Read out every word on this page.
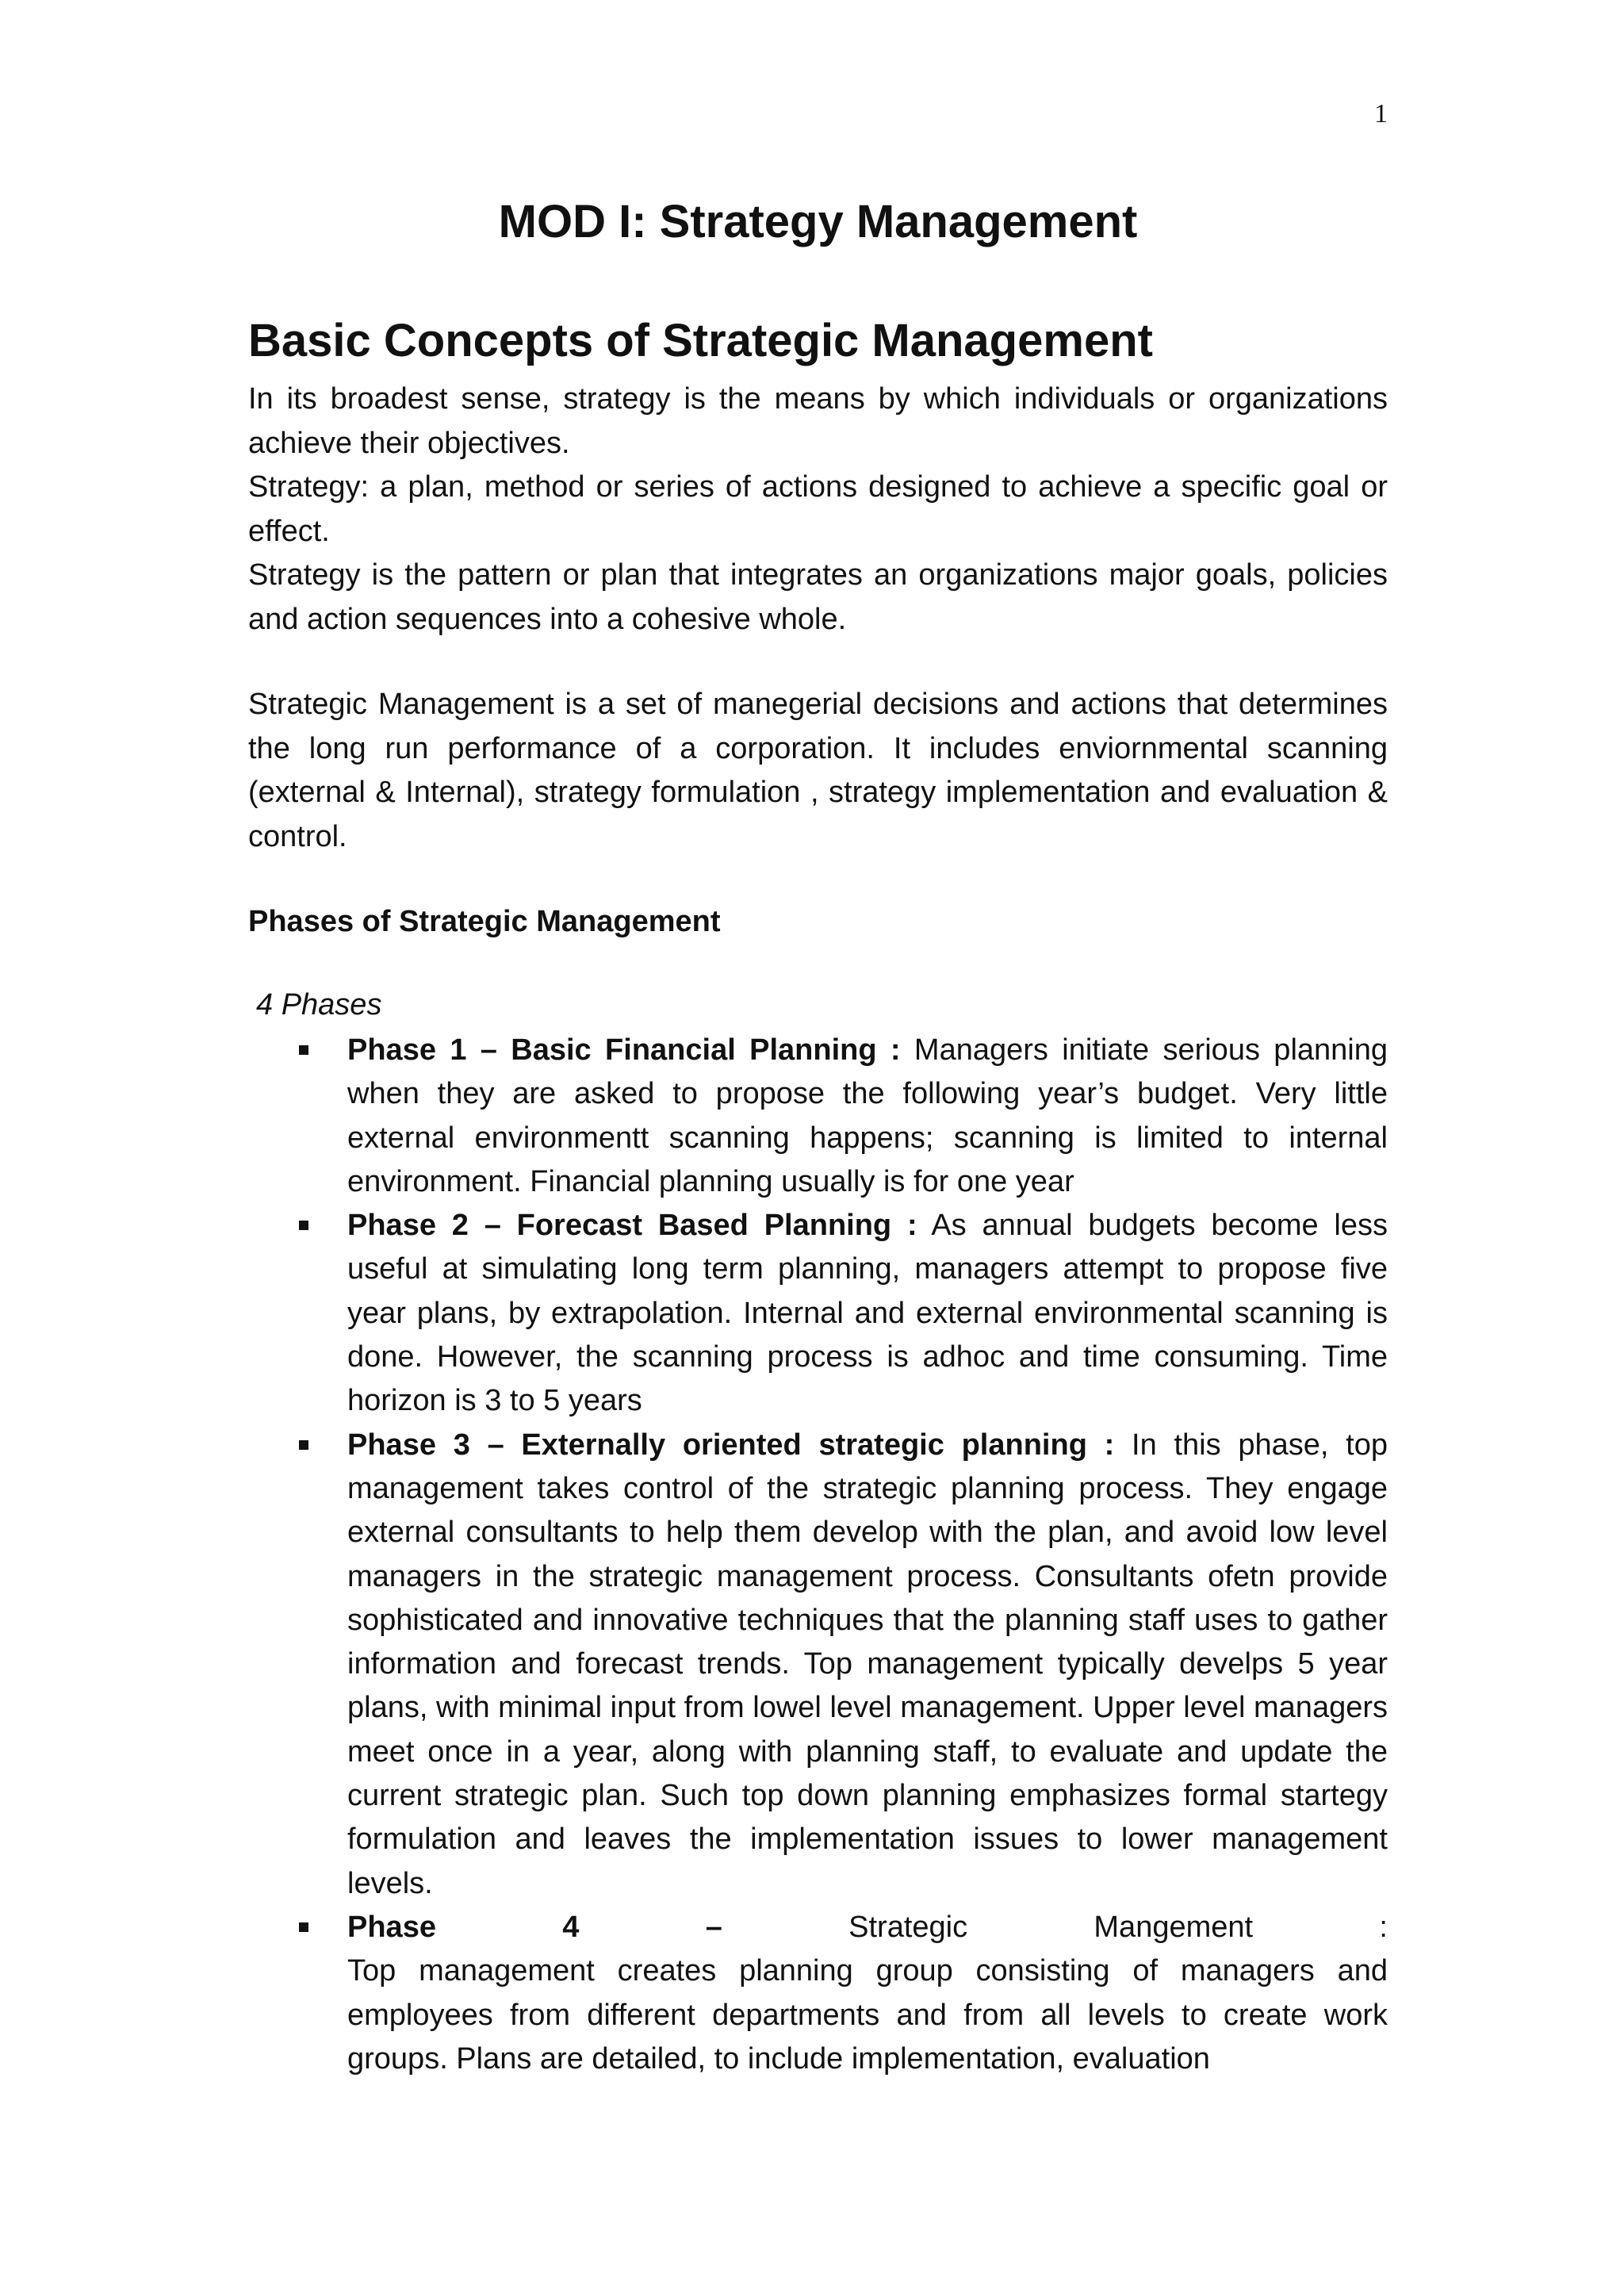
1
MOD I: Strategy Management
Basic Concepts of Strategic Management

In its broadest sense, strategy is the means by which individuals or organizations achieve their objectives.

Strategy: a plan, method or series of actions designed to achieve a specific goal or effect.

Strategy is the pattern or plan that integrates an organizations major goals, policies and action sequences into a cohesive whole.

Strategic Management is a set of manegerial decisions and actions that determines the long run performance of a corporation. It includes enviornmental scanning (external & Internal), strategy formulation , strategy implementation and evaluation & control.

Phases of Strategic Management

4 Phases

Phase 1 – Basic Financial Planning : Managers initiate serious planning when they are asked to propose the following year’s budget. Very little external environmentt scanning happens; scanning is limited to internal environment. Financial planning usually is for one year
Phase 2 – Forecast Based Planning : As annual budgets become less useful at simulating long term planning, managers attempt to propose five year plans, by extrapolation. Internal and external environmental scanning is done. However, the scanning process is adhoc and time consuming. Time horizon is 3 to 5 years
Phase 3 – Externally oriented strategic planning : In this phase, top management takes control of the strategic planning process. They engage external consultants to help them develop with the plan, and avoid low level managers in the strategic management process. Consultants ofetn provide sophisticated and innovative techniques that the planning staff uses to gather information and forecast trends. Top management typically develps 5 year plans, with minimal input from lowel level management. Upper level managers meet once in a year, along with planning staff, to evaluate and update the current strategic plan. Such top down planning emphasizes formal startegy formulation and leaves the implementation issues to lower management levels.
Phase	4	–	Strategic	Mangement	:
Top management creates planning group consisting of managers and employees from different departments and from all levels to create work groups. Plans are detailed, to include implementation, evaluation
